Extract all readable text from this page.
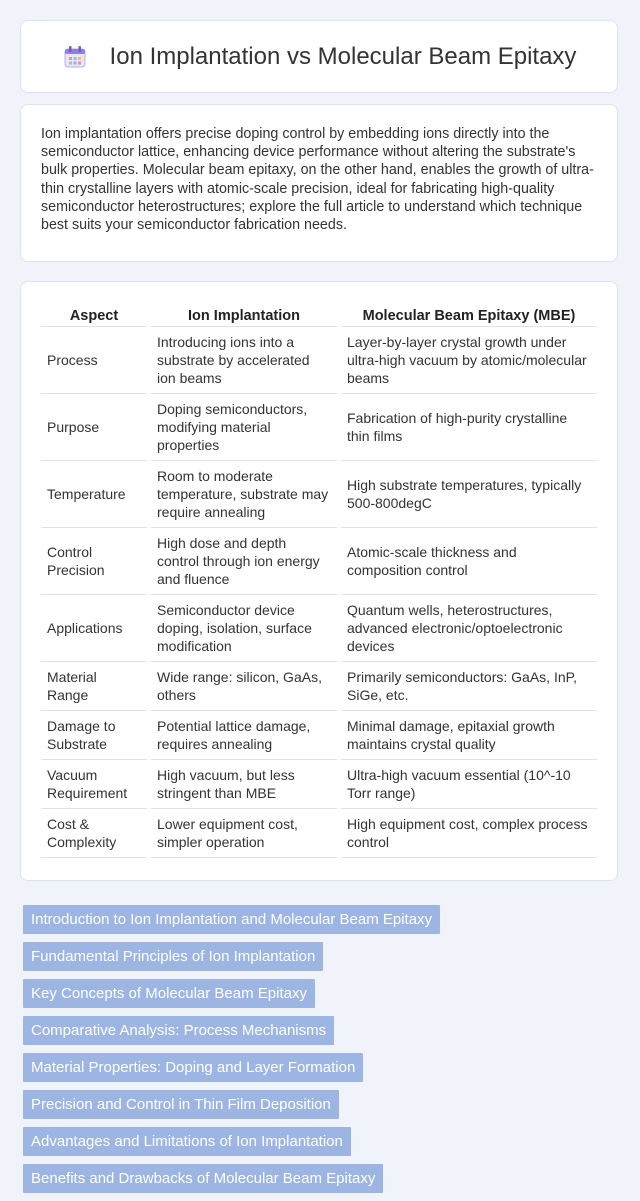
Ion Implantation vs Molecular Beam Epitaxy

Ion implantation offers precise doping control by embedding ions directly into the semiconductor lattice, enhancing device performance without altering the substrate's bulk properties. Molecular beam epitaxy, on the other hand, enables the growth of ultra-thin crystalline layers with atomic-scale precision, ideal for fabricating high-quality semiconductor heterostructures; explore the full article to understand which technique best suits your semiconductor fabrication needs.

Aspect	Ion Implantation	Molecular Beam Epitaxy (MBE)
Process	Introducing ions into a substrate by accelerated ion beams	Layer-by-layer crystal growth under ultra-high vacuum by atomic/molecular beams
Purpose	Doping semiconductors, modifying material properties	Fabrication of high-purity crystalline thin films
Temperature	Room to moderate temperature, substrate may require annealing	High substrate temperatures, typically 500-800degC
Control Precision	High dose and depth control through ion energy and fluence	Atomic-scale thickness and composition control
Applications	Semiconductor device doping, isolation, surface modification	Quantum wells, heterostructures, advanced electronic/optoelectronic devices
Material Range	Wide range: silicon, GaAs, others	Primarily semiconductors: GaAs, InP, SiGe, etc.
Damage to Substrate	Potential lattice damage, requires annealing	Minimal damage, epitaxial growth maintains crystal quality
Vacuum Requirement	High vacuum, but less stringent than MBE	Ultra-high vacuum essential (10^-10 Torr range)
Cost & Complexity	Lower equipment cost, simpler operation	High equipment cost, complex process control
Introduction to Ion Implantation and Molecular Beam Epitaxy
Fundamental Principles of Ion Implantation
Key Concepts of Molecular Beam Epitaxy
Comparative Analysis: Process Mechanisms
Material Properties: Doping and Layer Formation
Precision and Control in Thin Film Deposition
Advantages and Limitations of Ion Implantation
Benefits and Drawbacks of Molecular Beam Epitaxy
